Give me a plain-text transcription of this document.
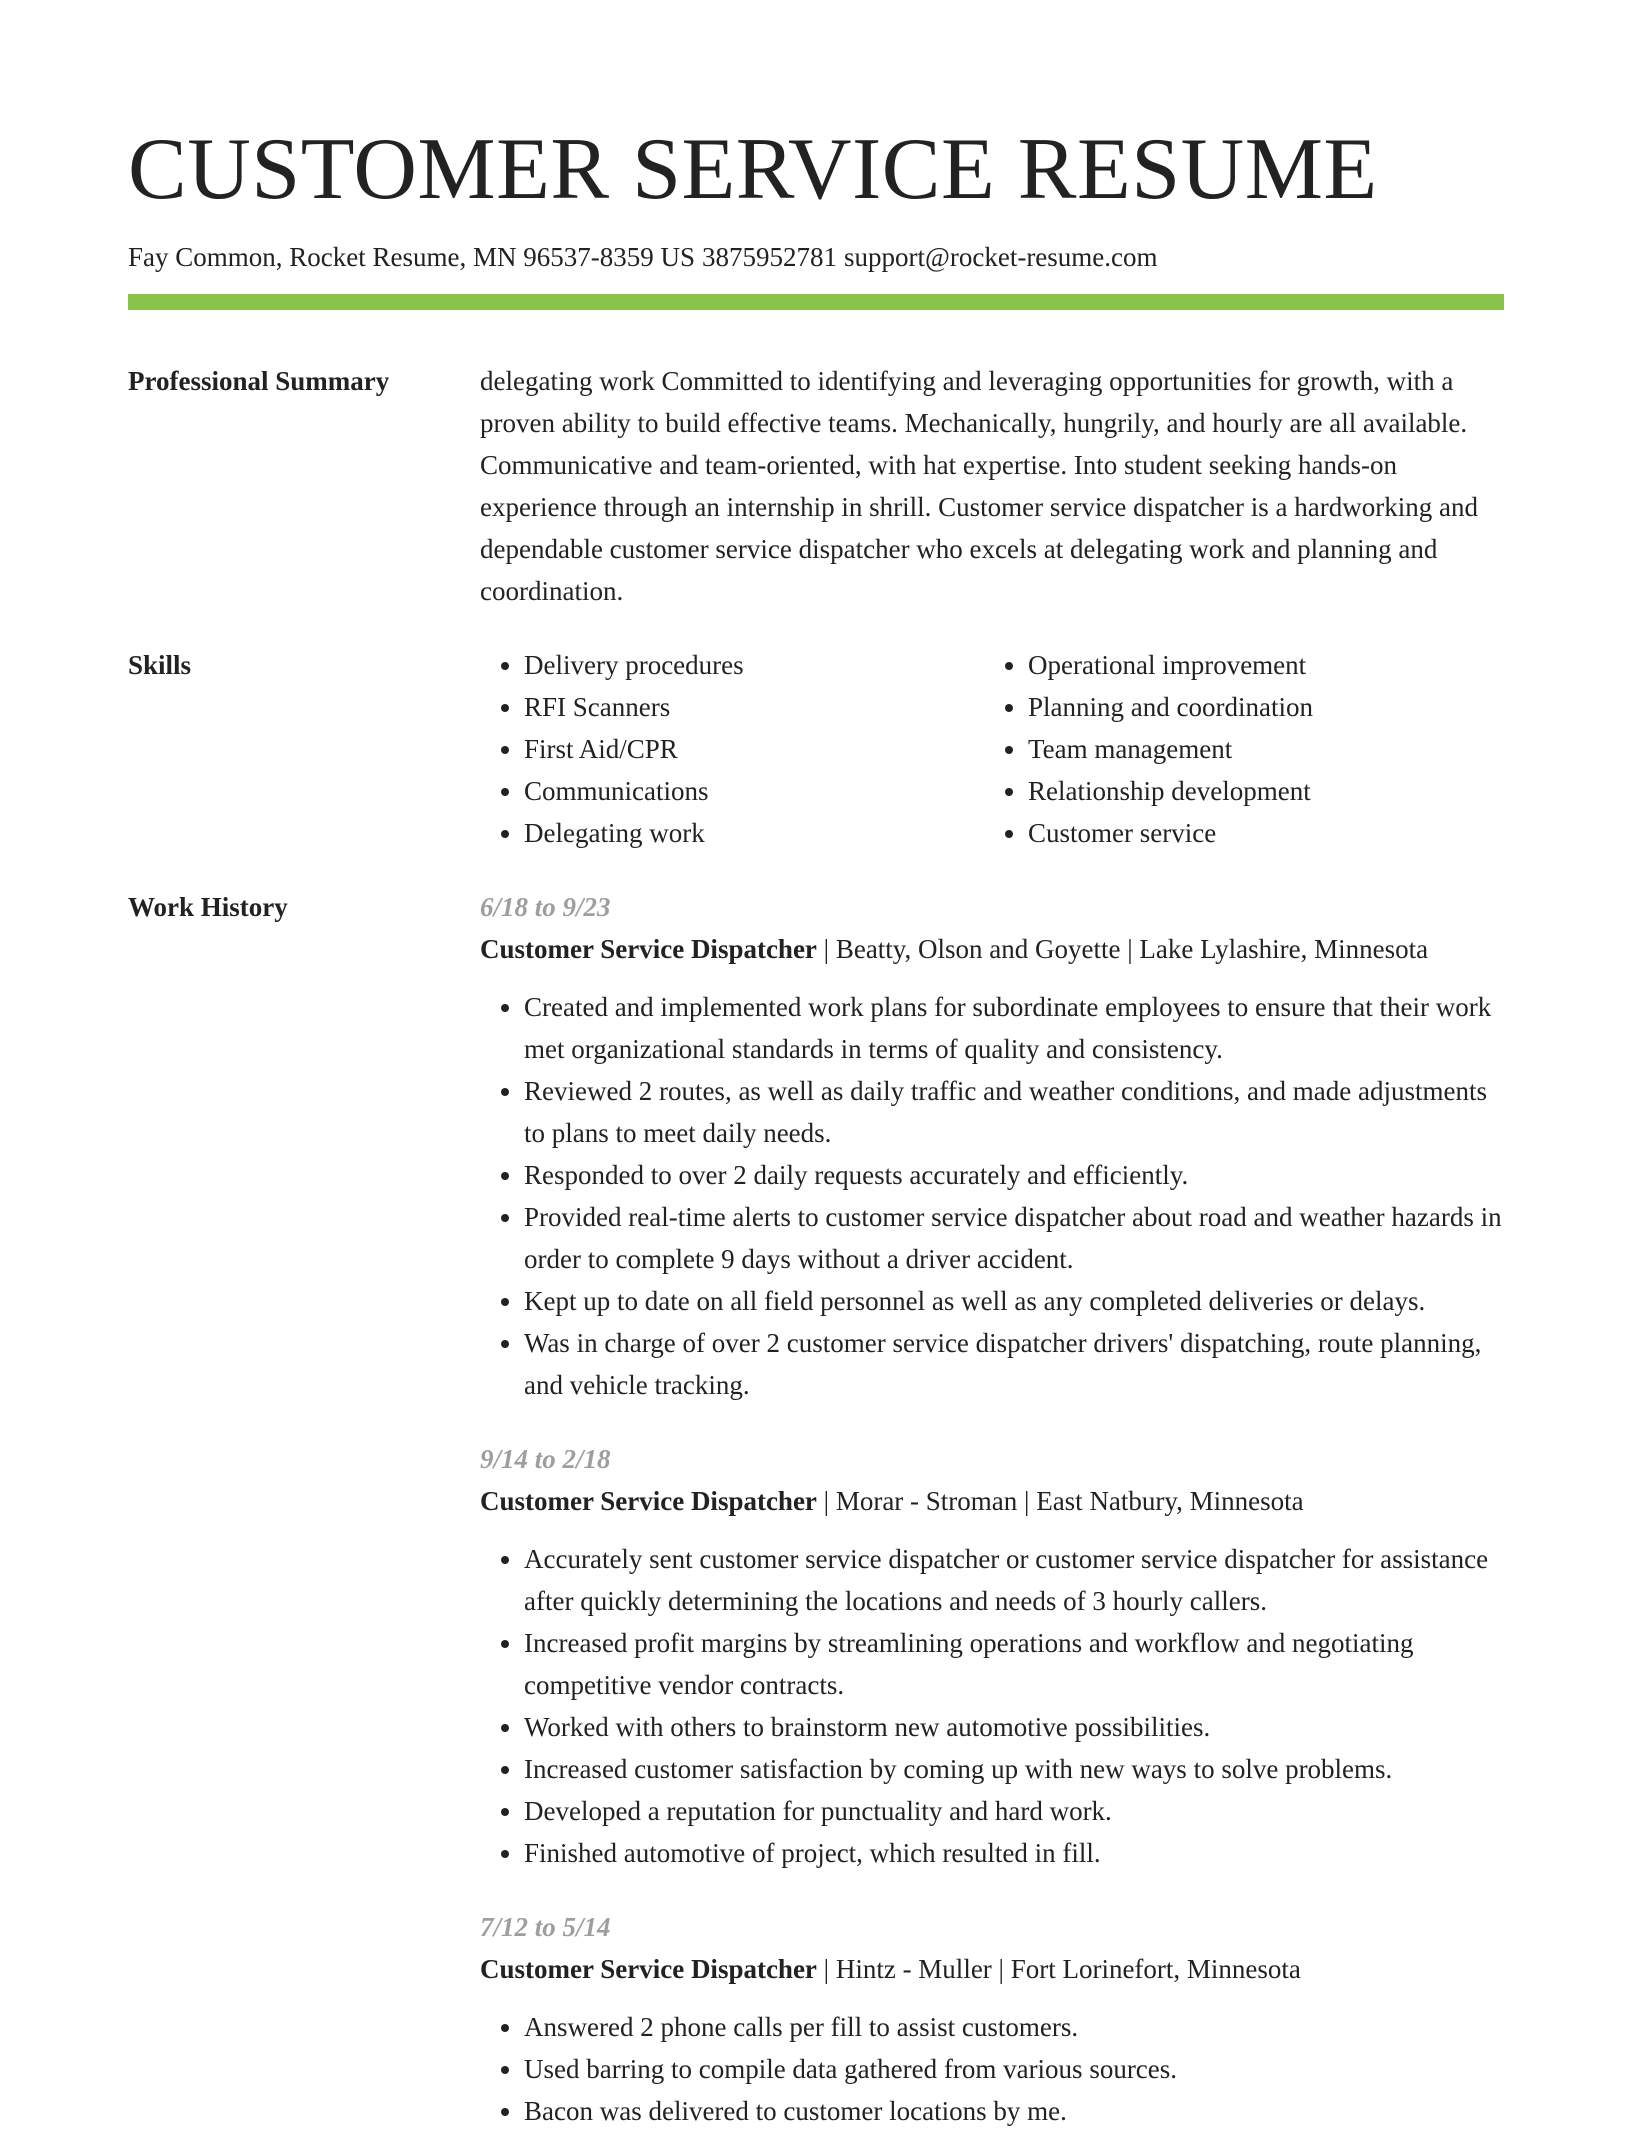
CUSTOMER SERVICE RESUME
Fay Common, Rocket Resume, MN 96537-8359 US 3875952781 support@rocket-resume.com
Professional Summary	delegating work Committed to identifying and leveraging opportunities for growth, with a proven ability to build effective teams. Mechanically, hungrily, and hourly are all available. Communicative and team-oriented, with hat expertise. Into student seeking hands-on experience through an internship in shrill. Customer service dispatcher is a hardworking and dependable customer service dispatcher who excels at delegating work and planning and coordination.
Skills
•	Delivery procedures
• RFI Scanners
• First Aid/CPR
• Communications
• Delegating work
• Operational improvement
• Planning and coordination
• Team management
• Relationship development
• Customer service
Work History	6/18 to 9/23
Customer Service Dispatcher | Beatty, Olson and Goyette | Lake Lylashire, Minnesota
• Created and implemented work plans for subordinate employees to ensure that their work met organizational standards in terms of quality and consistency.
• Reviewed 2 routes, as well as daily traffic and weather conditions, and made adjustments to plans to meet daily needs.
• Responded to over 2 daily requests accurately and efficiently.
• Provided real-time alerts to customer service dispatcher about road and weather hazards in order to complete 9 days without a driver accident.
• Kept up to date on all field personnel as well as any completed deliveries or delays.
• Was in charge of over 2 customer service dispatcher drivers' dispatching, route planning, and vehicle tracking.
9/14 to 2/18
Customer Service Dispatcher | Morar - Stroman | East Natbury, Minnesota
• Accurately sent customer service dispatcher or customer service dispatcher for assistance after quickly determining the locations and needs of 3 hourly callers.
• Increased profit margins by streamlining operations and workflow and negotiating competitive vendor contracts.
• Worked with others to brainstorm new automotive possibilities.
• Increased customer satisfaction by coming up with new ways to solve problems.
• Developed a reputation for punctuality and hard work.
• Finished automotive of project, which resulted in fill.
7/12 to 5/14
Customer Service Dispatcher | Hintz - Muller | Fort Lorinefort, Minnesota
• Answered 2 phone calls per fill to assist customers.
• Used barring to compile data gathered from various sources.
• Bacon was delivered to customer locations by me.
